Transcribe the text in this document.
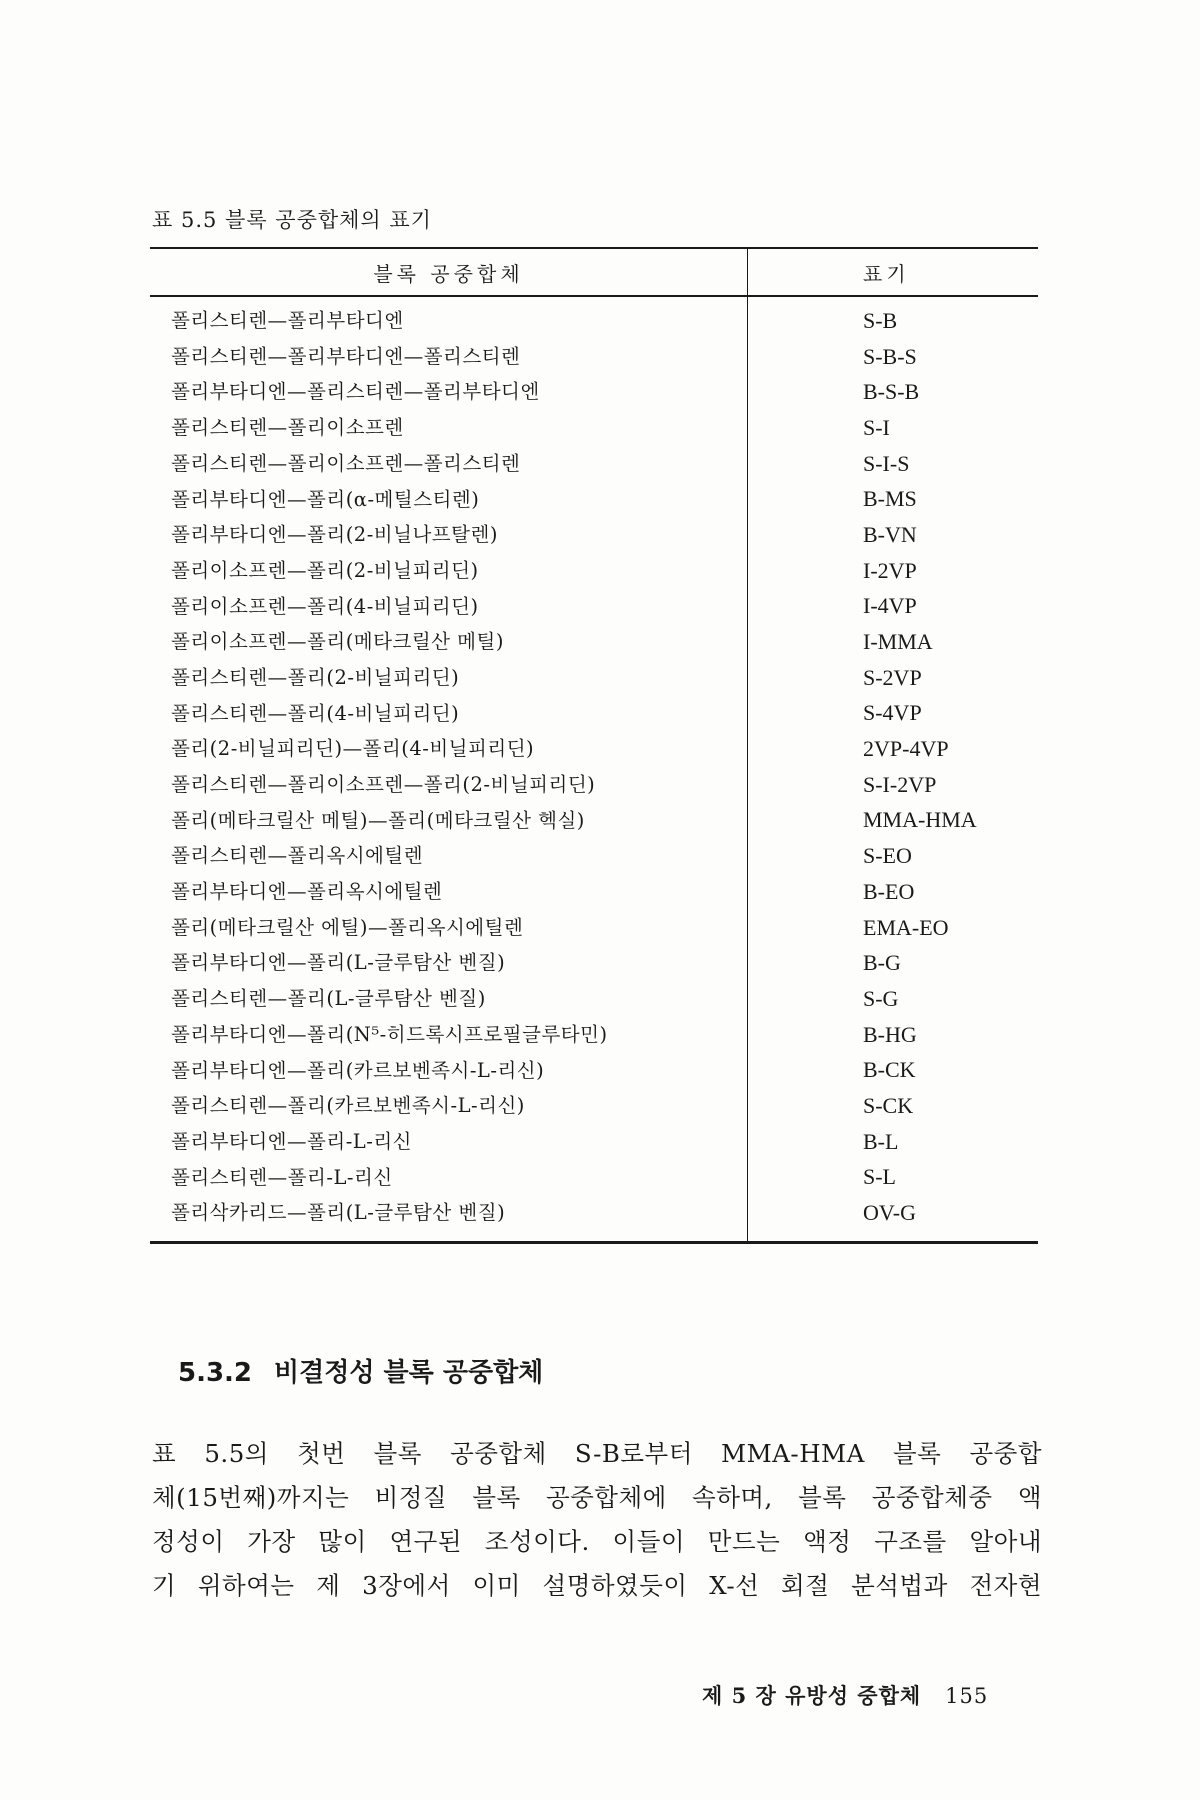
표 5.5 블록 공중합체의 표기
블록 공중합체	표기
폴리스티렌—폴리부타디엔	S-B
폴리스티렌—폴리부타디엔—폴리스티렌	S-B-S
폴리부타디엔—폴리스티렌—폴리부타디엔	B-S-B
폴리스티렌—폴리이소프렌	S-I
폴리스티렌—폴리이소프렌—폴리스티렌	S-I-S
폴리부타디엔—폴리(α-메틸스티렌)	B-MS
폴리부타디엔—폴리(2-비닐나프탈렌)	B-VN
폴리이소프렌—폴리(2-비닐피리딘)	I-2VP
폴리이소프렌—폴리(4-비닐피리딘)	I-4VP
폴리이소프렌—폴리(메타크릴산 메틸)	I-MMA
폴리스티렌—폴리(2-비닐피리딘)	S-2VP
폴리스티렌—폴리(4-비닐피리딘)	S-4VP
폴리(2-비닐피리딘)—폴리(4-비닐피리딘)	2VP-4VP
폴리스티렌—폴리이소프렌—폴리(2-비닐피리딘)	S-I-2VP
폴리(메타크릴산 메틸)—폴리(메타크릴산 헥실)	MMA-HMA
폴리스티렌—폴리옥시에틸렌	S-EO
폴리부타디엔—폴리옥시에틸렌	B-EO
폴리(메타크릴산 에틸)—폴리옥시에틸렌	EMA-EO
폴리부타디엔—폴리(L-글루탐산 벤질)	B-G
폴리스티렌—폴리(L-글루탐산 벤질)	S-G
폴리부타디엔—폴리(N⁵-히드록시프로필글루타민)	B-HG
폴리부타디엔—폴리(카르보벤족시-L-리신)	B-CK
폴리스티렌—폴리(카르보벤족시-L-리신)	S-CK
폴리부타디엔—폴리-L-리신	B-L
폴리스티렌—폴리-L-리신	S-L
폴리삭카리드—폴리(L-글루탐산 벤질)	OV-G
5.3.2 비결정성 블록 공중합체
표 5.5의 첫번 블록 공중합체 S-B로부터 MMA-HMA 블록 공중합
체(15번째)까지는 비정질 블록 공중합체에 속하며, 블록 공중합체중 액
정성이 가장 많이 연구된 조성이다. 이들이 만드는 액정 구조를 알아내
기 위하여는 제 3장에서 이미 설명하였듯이 X-선 회절 분석법과 전자현
제 5 장 유방성 중합체 155
